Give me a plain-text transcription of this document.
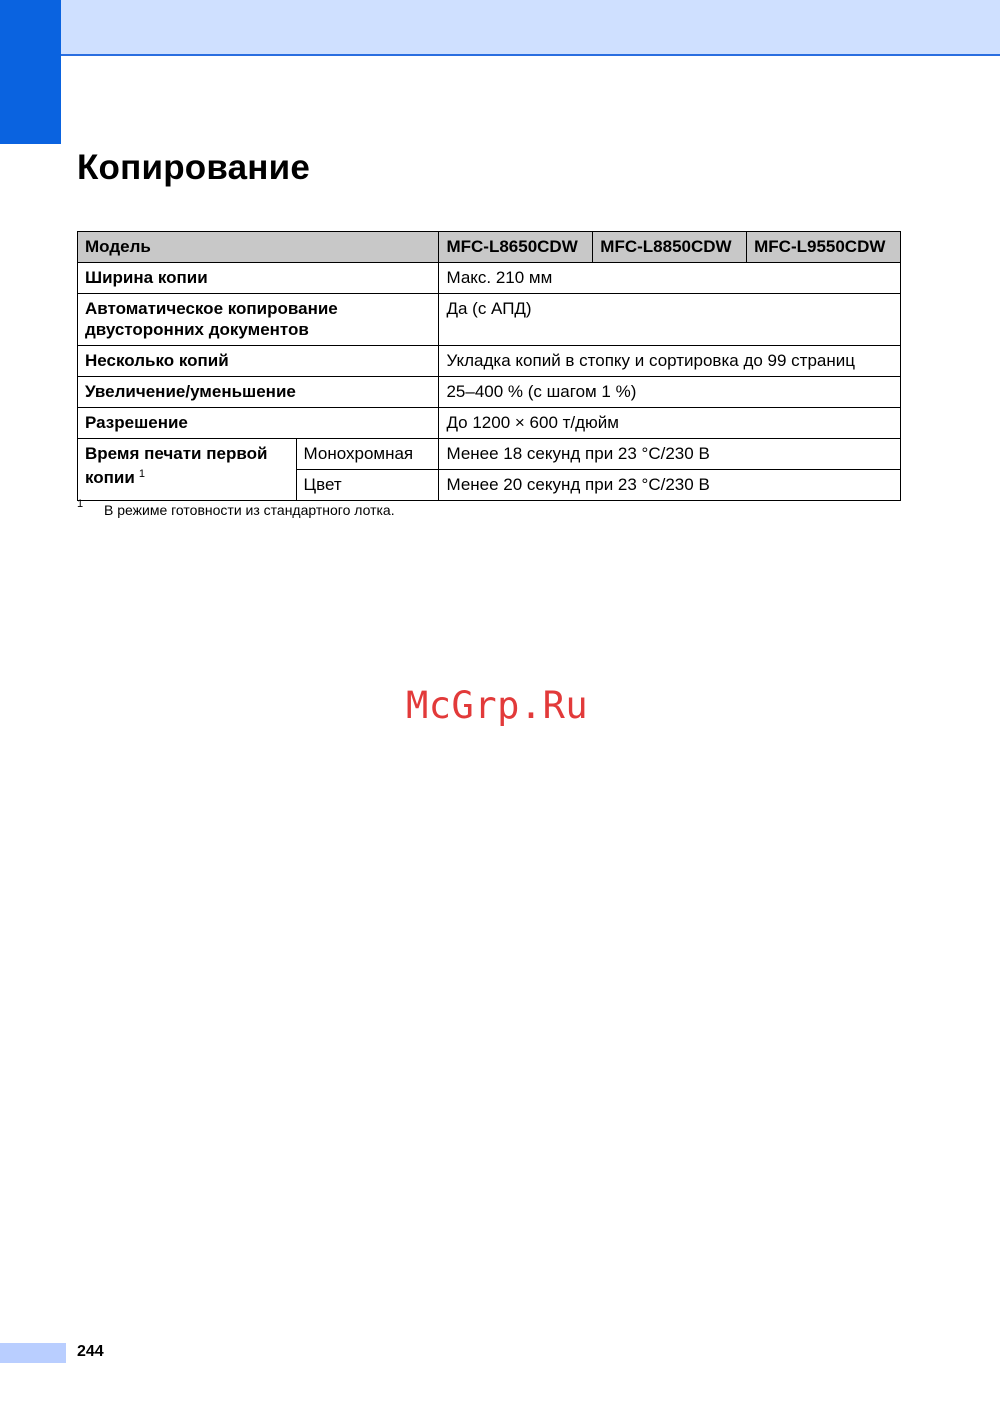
Копирование
Модель		MFC-L8650CDW	MFC-L8850CDW	MFC-L9550CDW
Ширина копии		Макс. 210 мм		
Автоматическое копирование
двусторонних документов		Да (с АПД)		
Несколько копий		Укладка копий в стопку и сортировка до 99 страниц		
Увеличение/уменьшение		25–400 % (с шагом 1 %)		
Разрешение		До 1200 × 600 т/дюйм		
Время печати первой
копии $^1$	Монохромная	Менее 18 секунд при 23 °C/230 В		
	Цвет	Менее 20 секунд при 23 °C/230 В		
1 В режиме готовности из стандартного лотка.
McGrp.Ru
244
